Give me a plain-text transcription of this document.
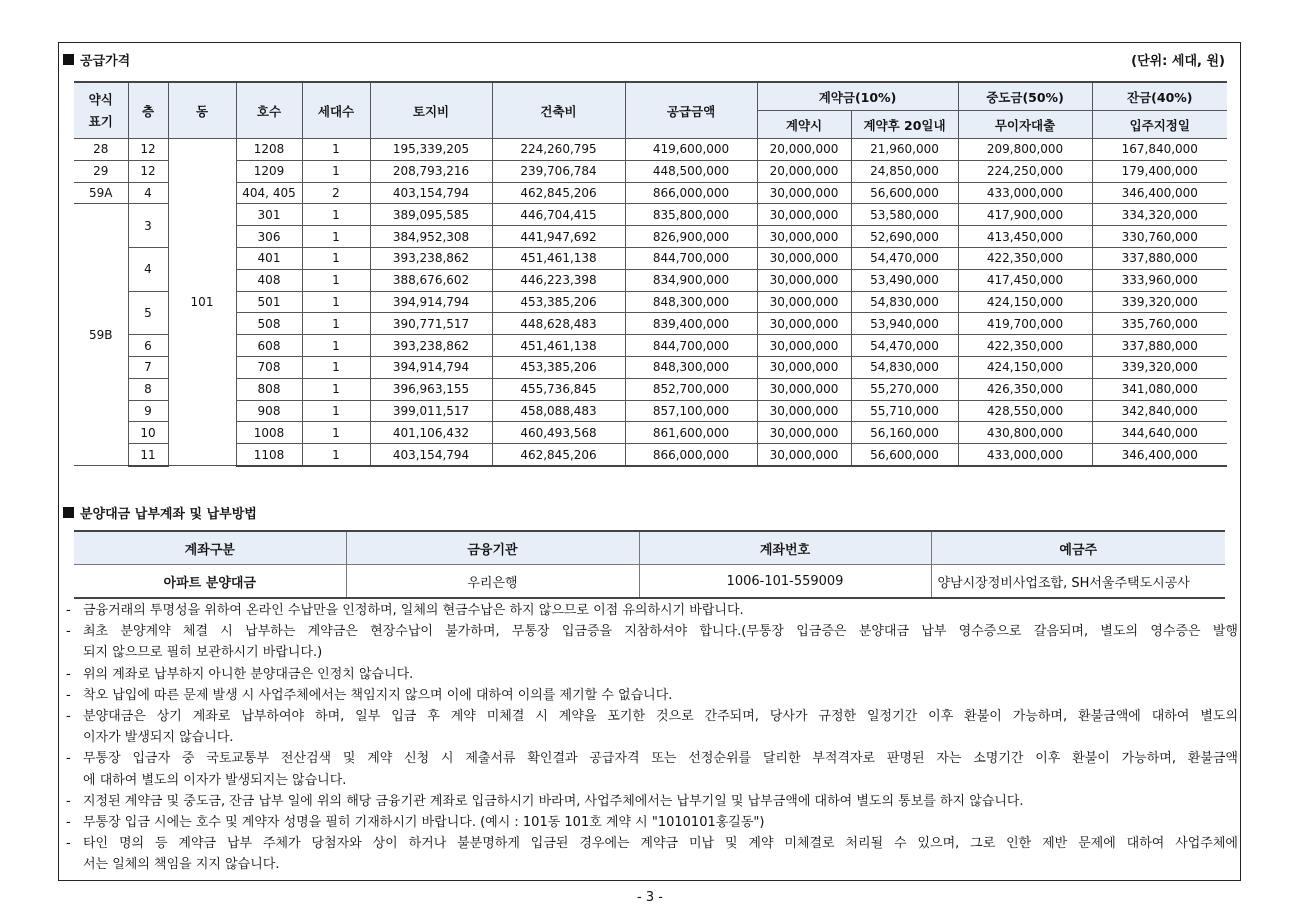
공급가격	(단위: 세대, 원)
약식
표기	층	동	호수	세대수	토지비	건축비	공급금액	계약금(10%)		중도금(50%)	잔금(40%)
								계약시	계약후 20일내	무이자대출	입주지정일
28	12	101	1208	1	195,339,205	224,260,795	419,600,000	20,000,000	21,960,000	209,800,000	167,840,000
29	12		1209	1	208,793,216	239,706,784	448,500,000	20,000,000	24,850,000	224,250,000	179,400,000
59A	4		404, 405	2	403,154,794	462,845,206	866,000,000	30,000,000	56,600,000	433,000,000	346,400,000
59B	3		301	1	389,095,585	446,704,415	835,800,000	30,000,000	53,580,000	417,900,000	334,320,000
			306	1	384,952,308	441,947,692	826,900,000	30,000,000	52,690,000	413,450,000	330,760,000
	4		401	1	393,238,862	451,461,138	844,700,000	30,000,000	54,470,000	422,350,000	337,880,000
			408	1	388,676,602	446,223,398	834,900,000	30,000,000	53,490,000	417,450,000	333,960,000
	5		501	1	394,914,794	453,385,206	848,300,000	30,000,000	54,830,000	424,150,000	339,320,000
			508	1	390,771,517	448,628,483	839,400,000	30,000,000	53,940,000	419,700,000	335,760,000
	6		608	1	393,238,862	451,461,138	844,700,000	30,000,000	54,470,000	422,350,000	337,880,000
	7		708	1	394,914,794	453,385,206	848,300,000	30,000,000	54,830,000	424,150,000	339,320,000
	8		808	1	396,963,155	455,736,845	852,700,000	30,000,000	55,270,000	426,350,000	341,080,000
	9		908	1	399,011,517	458,088,483	857,100,000	30,000,000	55,710,000	428,550,000	342,840,000
	10		1008	1	401,106,432	460,493,568	861,600,000	30,000,000	56,160,000	430,800,000	344,640,000
	11		1108	1	403,154,794	462,845,206	866,000,000	30,000,000	56,600,000	433,000,000	346,400,000
분양대금 납부계좌 및 납부방법
계좌구분	금융기관	계좌번호	예금주
아파트 분양대금	우리은행	1006-101-559009	양남시장정비사업조합, SH서울주택도시공사
- 금융거래의 투명성을 위하여 온라인 수납만을 인정하며, 일체의 현금수납은 하지 않으므로 이점 유의하시기 바랍니다.
- 최초 분양계약 체결 시 납부하는 계약금은 현장수납이 불가하며, 무통장 입금증을 지참하셔야 합니다.(무통장 입금증은 분양대금 납부 영수증으로 갈음되며, 별도의 영수증은 발행
되지 않으므로 필히 보관하시기 바랍니다.)
- 위의 계좌로 납부하지 아니한 분양대금은 인정치 않습니다.
- 착오 납입에 따른 문제 발생 시 사업주체에서는 책임지지 않으며 이에 대하여 이의를 제기할 수 없습니다.
- 분양대금은 상기 계좌로 납부하여야 하며, 일부 입금 후 계약 미체결 시 계약을 포기한 것으로 간주되며, 당사가 규정한 일정기간 이후 환불이 가능하며, 환불금액에 대하여 별도의
이자가 발생되지 않습니다.
- 무통장 입금자 중 국토교통부 전산검색 및 계약 신청 시 제출서류 확인결과 공급자격 또는 선정순위를 달리한 부적격자로 판명된 자는 소명기간 이후 환불이 가능하며, 환불금액
에 대하여 별도의 이자가 발생되지는 않습니다.
- 지정된 계약금 및 중도금, 잔금 납부 일에 위의 해당 금융기관 계좌로 입금하시기 바라며, 사업주체에서는 납부기일 및 납부금액에 대하여 별도의 통보를 하지 않습니다.
- 무통장 입금 시에는 호수 및 계약자 성명을 필히 기재하시기 바랍니다. (예시 : 101동 101호 계약 시 "1010101홍길동")
- 타인 명의 등 계약금 납부 주체가 당첨자와 상이 하거나 불분명하게 입금된 경우에는 계약금 미납 및 계약 미체결로 처리될 수 있으며, 그로 인한 제반 문제에 대하여 사업주체에
서는 일체의 책임을 지지 않습니다.
- 3 -
